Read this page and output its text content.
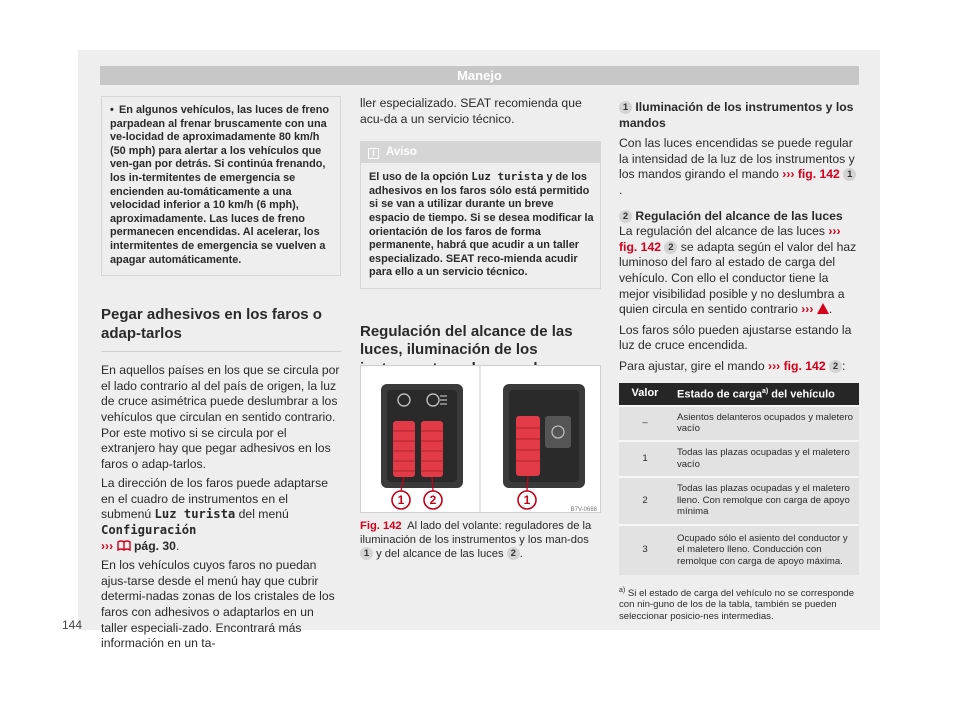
Manejo
• En algunos vehículos, las luces de freno parpadean al frenar bruscamente con una ve-locidad de aproximadamente 80 km/h (50 mph) para alertar a los vehículos que ven-gan por detrás. Si continúa frenando, los in-termitentes de emergencia se encienden au-tomáticamente a una velocidad inferior a 10 km/h (6 mph), aproximadamente. Las luces de freno permanecen encendidas. Al acelerar, los intermitentes de emergencia se vuelven a apagar automáticamente.
Pegar adhesivos en los faros o adap-tarlos

En aquellos países en los que se circula por el lado contrario al del país de origen, la luz de cruce asimétrica puede deslumbrar a los vehículos que circulan en sentido contrario. Por este motivo si se circula por el extranjero hay que pegar adhesivos en los faros o adap-tarlos.

La dirección de los faros puede adaptarse en el cuadro de instrumentos en el submenú Luz turista del menú Configuración
››› pág. 30.

En los vehículos cuyos faros no puedan ajus-tarse desde el menú hay que cubrir determi-nadas zonas de los cristales de los faros con adhesivos o adaptarlos en un taller especiali-zado. Encontrará más información en un ta-

ller especializado. SEAT recomienda que acu-da a un servicio técnico.

i Aviso
El uso de la opción Luz turista y de los adhesivos en los faros sólo está permitido si se van a utilizar durante un breve espacio de tiempo. Si se desea modificar la orientación de los faros de forma permanente, habrá que acudir a un taller especializado. SEAT reco-mienda acudir para ello a un servicio técnico.
Regulación del alcance de las luces, iluminación de los
1 2	1
B7V-0688
Fig. 142 Al lado del volante: reguladores de la iluminación de los instrumentos y los man-dos 1 y del alcance de las luces 2 .
1 Iluminación de los instrumentos y los mandos

Con las luces encendidas se puede regular la intensidad de la luz de los instrumentos y los mandos girando el mando ››› fig. 142 1.

2 Regulación del alcance de las luces

La regulación del alcance de las luces ››› fig. 142 2 se adapta según el valor del haz luminoso del faro al estado de carga del vehículo. Con ello el conductor tiene la mejor visibilidad posible y no deslumbra a quien circula en sentido contrario ››› .

Los faros sólo pueden ajustarse estando la luz de cruce encendida.

Para ajustar, gire el mando ››› fig. 142 2 :

Valor	Estado de carga$^{a)}$ del vehículo
–	Asientos delanteros ocupados y maletero vacío
1	Todas las plazas ocupadas y el maletero vacío
2	Todas las plazas ocupadas y el maletero lleno. Con remolque con carga de apoyo mínima
3	Ocupado sólo el asiento del conductor y el maletero lleno. Conducción con remolque con carga de apoyo máxima.
$^{a)}$ Si el estado de carga del vehículo no se corresponde con nin-guno de los de la tabla, también se pueden seleccionar posicio-nes intermedias.
144
